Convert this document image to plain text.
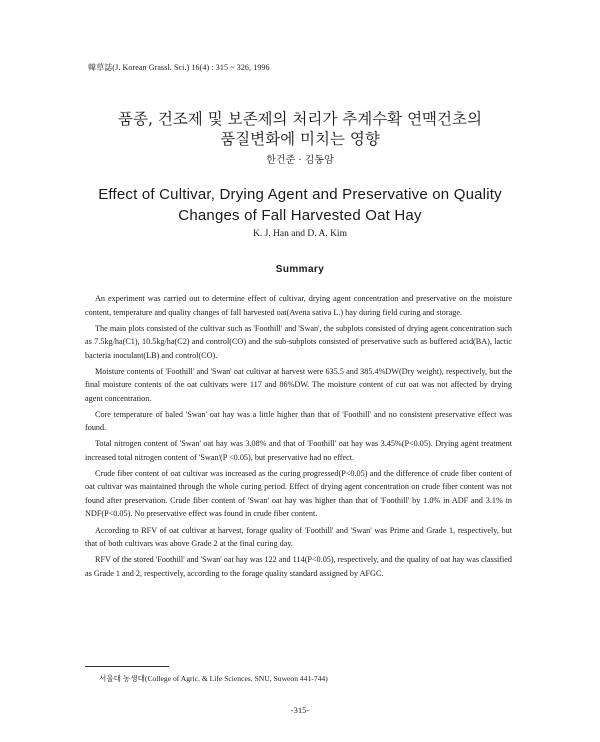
韓草誌(J. Korean Grassl. Sci.) 16(4) : 315 ~ 326, 1996
품종, 건조제 및 보존제의 처리가 추계수확 연맥건초의
품질변화에 미치는 영향
한건준 · 김동암
Effect of Cultivar, Drying Agent and Preservative on Quality
Changes of Fall Harvested Oat Hay
K. J. Han and D. A. Kim
Summary

An experiment was carried out to determine effect of cultivar, drying agent concentration and preservative on the moisture content, temperature and quality changes of fall harvested oat(Avena sativa L.) hay during field curing and storage.

The main plots consisted of the cultivar such as 'Foothill' and 'Swan', the subplots consisted of drying agent concentration such as 7.5kg/ha(C1), 10.5kg/ha(C2) and control(CO) and the sub-subplots consisted of preservative such as buffered acid(BA), lactic bacteria inoculant(LB) and control(CO).

Moisture contents of 'Foothill' and 'Swan' oat cultivar at harvest were 635.5 and 385.4%DW(Dry weight), respectively, but the final moisture contents of the oat cultivars were 117 and 86%DW. The moisture content of cut oat was not affected by drying agent concentration.

Core temperature of baled 'Swan' oat hay was a little higher than that of 'Foothill' and no consistent preservative effect was found.

Total nitrogen content of 'Swan' oat hay was 3.08% and that of 'Foothill' oat hay was 3.45%(P<0.05). Drying agent treatment increased total nitrogen content of 'Swan'(P <0.05), but preservative had no effect.

Crude fiber content of oat cultivar was increased as the curing progressed(P<0.05) and the difference of crude fiber content of oat cultivar was maintained through the whole curing period. Effect of drying agent concentration on crude fiber content was not found after preservation. Crude fiber content of 'Swan' oat hay was higher than that of 'Foothill' by 1.0% in ADF and 3.1% in NDF(P<0.05). No preservative effect was found in crude fiber content.

According to RFV of oat cultivar at harvest, forage quality of 'Foothill' and 'Swan' was Prime and Grade 1, respectively, but that of both cultivars was above Grade 2 at the final curing day.

RFV of the stored 'Foothill' and 'Swan' oat hay was 122 and 114(P<0.05), respectively, and the quality of oat hay was classified as Grade 1 and 2, respectively, according to the forage quality standard assigned by AFGC.

서울대 농생대(College of Agric. & Life Sciences, SNU, Suweon 441-744)
-315-
